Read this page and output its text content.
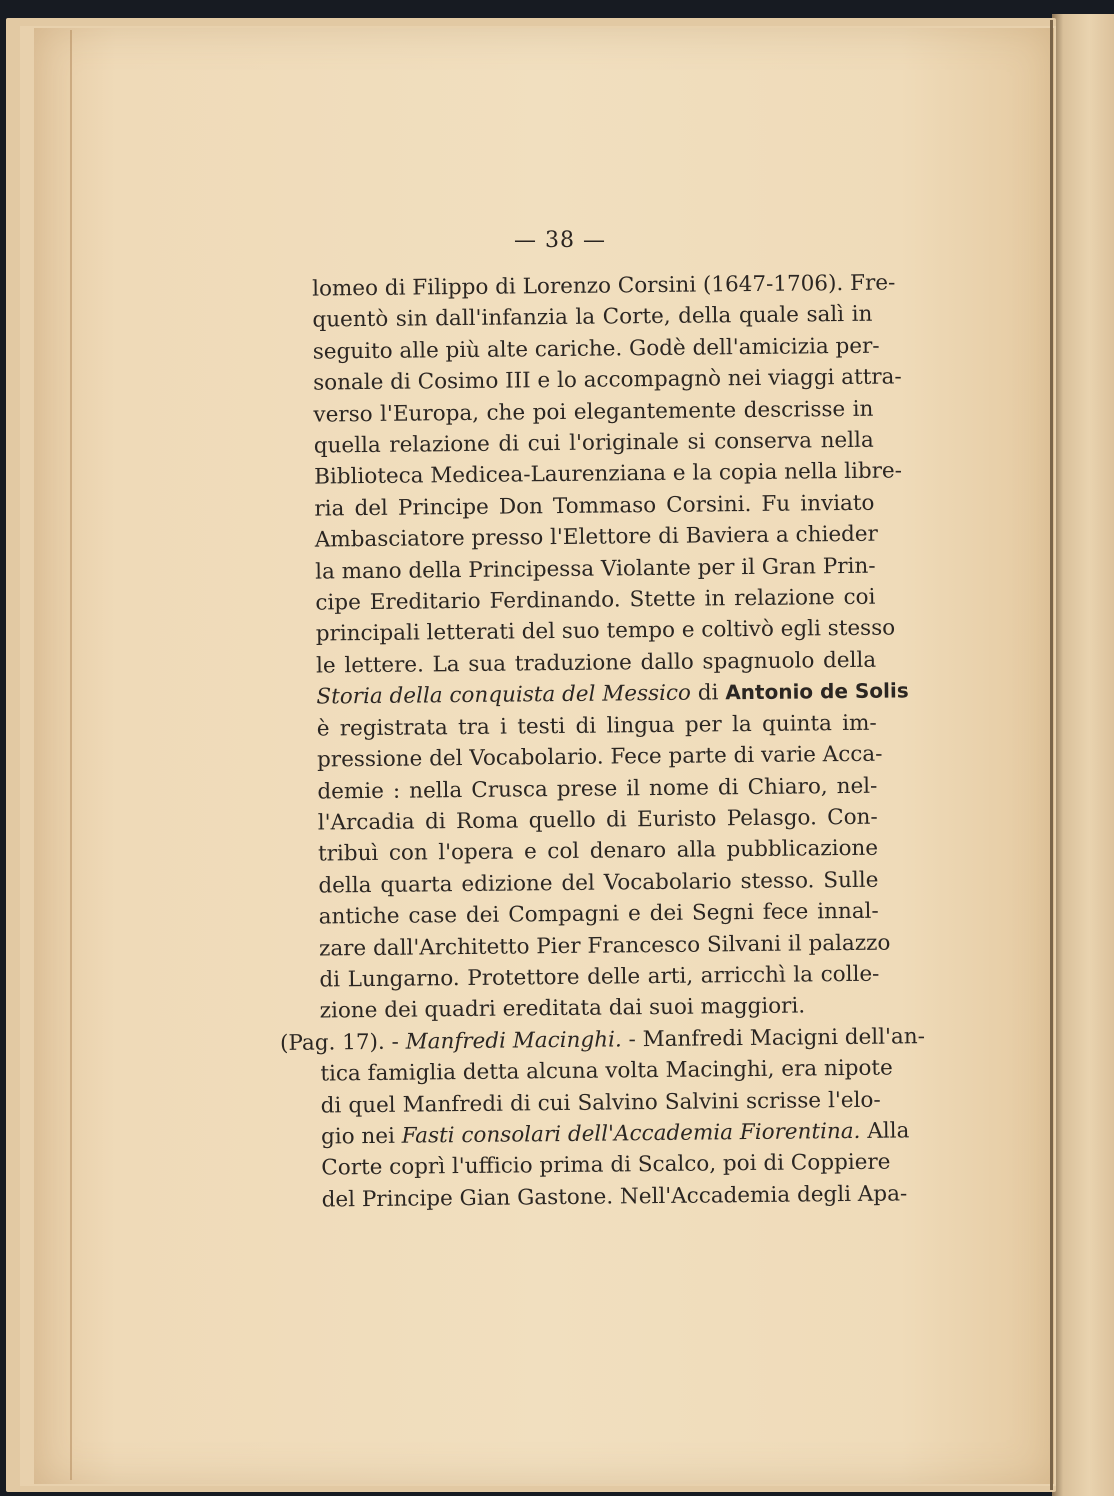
— 38 —
lomeo di Filippo di Lorenzo Corsini (1647-1706). Fre-
quentò sin dall'infanzia la Corte, della quale salì in
seguito alle più alte cariche. Godè dell'amicizia per-
sonale di Cosimo III e lo accompagnò nei viaggi attra-
verso l'Europa, che poi elegantemente descrisse in
quella relazione di cui l'originale si conserva nella
Biblioteca Medicea-Laurenziana e la copia nella libre-
ria del Principe Don Tommaso Corsini. Fu inviato
Ambasciatore presso l'Elettore di Baviera a chieder
la mano della Principessa Violante per il Gran Prin-
cipe Ereditario Ferdinando. Stette in relazione coi
principali letterati del suo tempo e coltivò egli stesso
le lettere. La sua traduzione dallo spagnuolo della
Storia della conquista del Messico di Antonio de Solis
è registrata tra i testi di lingua per la quinta im-
pressione del Vocabolario. Fece parte di varie Acca-
demie : nella Crusca prese il nome di Chiaro, nel-
l'Arcadia di Roma quello di Euristo Pelasgo. Con-
tribuì con l'opera e col denaro alla pubblicazione
della quarta edizione del Vocabolario stesso. Sulle
antiche case dei Compagni e dei Segni fece innal-
zare dall'Architetto Pier Francesco Silvani il palazzo
di Lungarno. Protettore delle arti, arricchì la colle-
zione dei quadri ereditata dai suoi maggiori.
(Pag. 17). - Manfredi Macinghi. - Manfredi Macigni dell'an-
tica famiglia detta alcuna volta Macinghi, era nipote
di quel Manfredi di cui Salvino Salvini scrisse l'elo-
gio nei Fasti consolari dell'Accademia Fiorentina. Alla
Corte coprì l'ufficio prima di Scalco, poi di Coppiere
del Principe Gian Gastone. Nell'Accademia degli Apa-
